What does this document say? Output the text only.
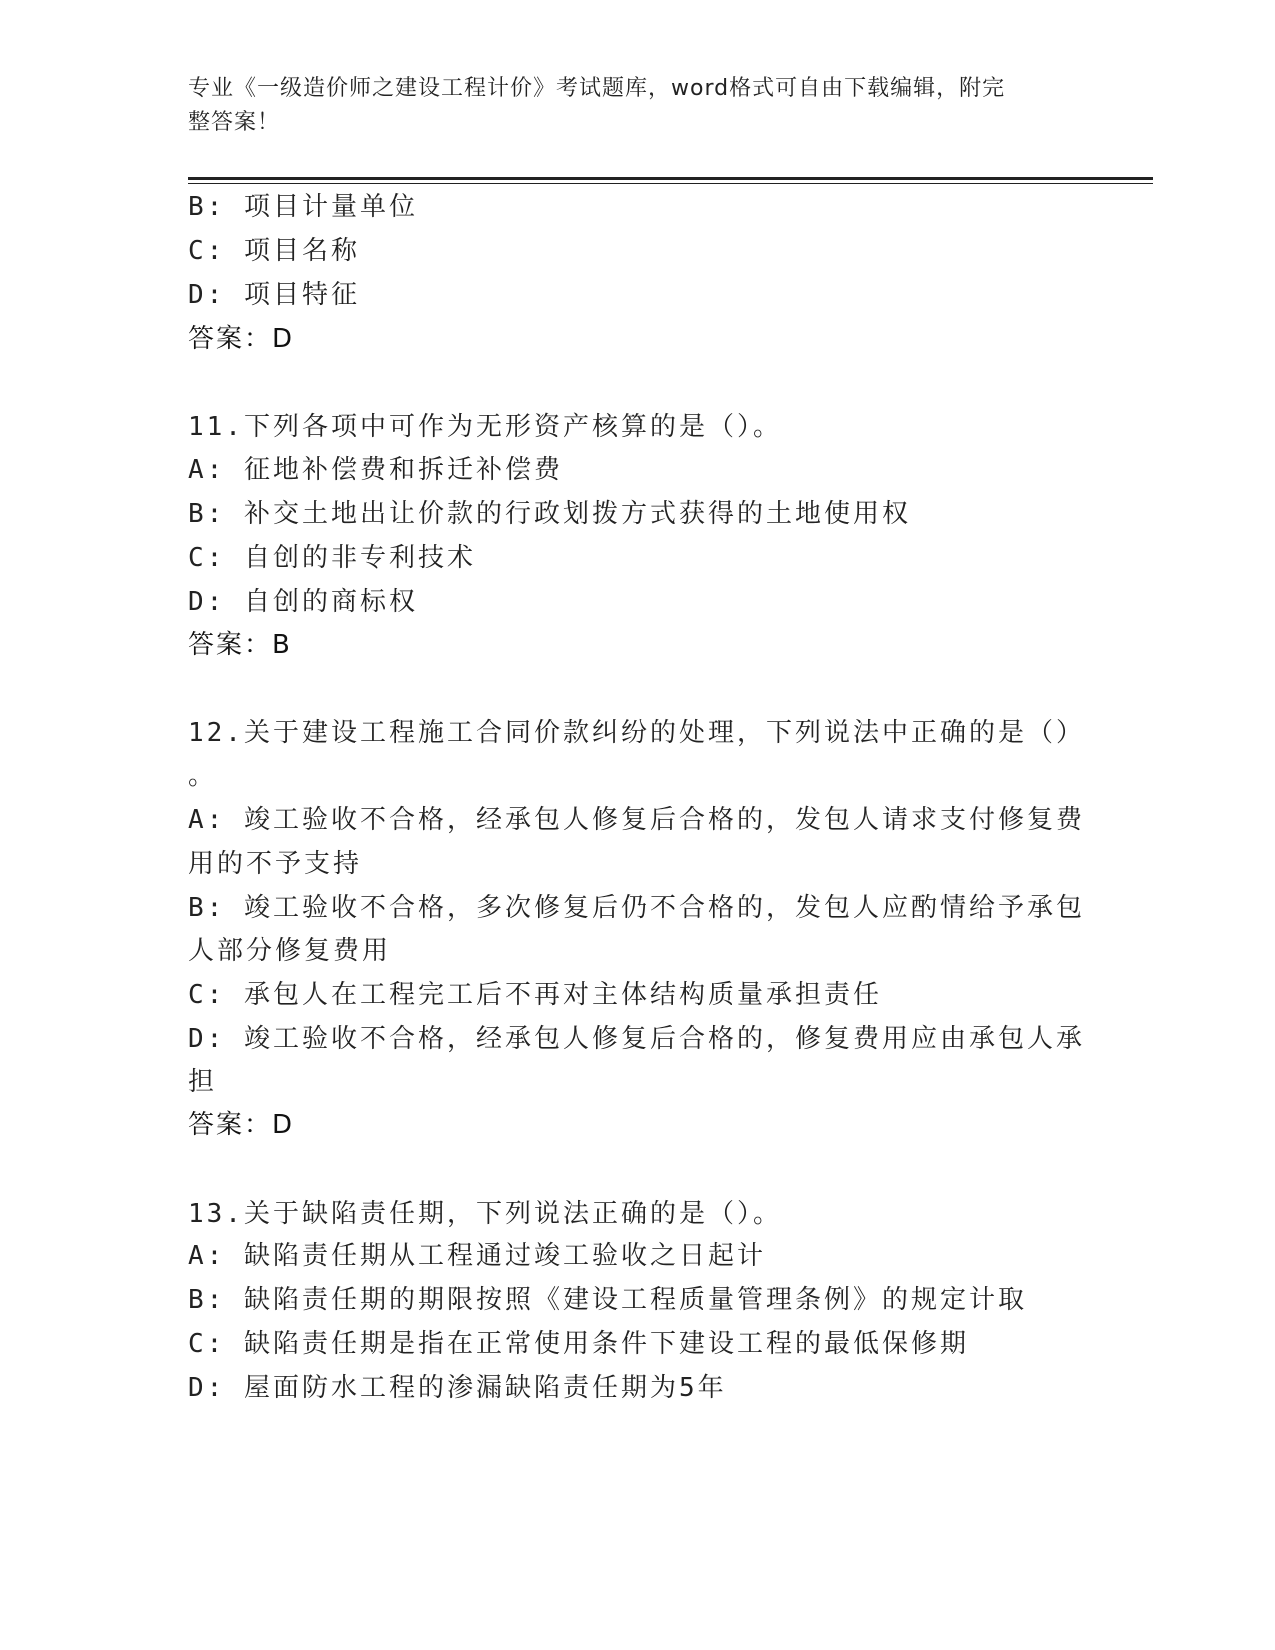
专业《一级造价师之建设工程计价》考试题库，word格式可自由下载编辑，附完
整答案！
B: 项目计量单位
C: 项目名称
D: 项目特征
答案：D
11.下列各项中可作为无形资产核算的是（）。
A: 征地补偿费和拆迁补偿费
B: 补交土地出让价款的行政划拨方式获得的土地使用权
C: 自创的非专利技术
D: 自创的商标权
答案：B
12.关于建设工程施工合同价款纠纷的处理，下列说法中正确的是（）
。
A: 竣工验收不合格，经承包人修复后合格的，发包人请求支付修复费
用的不予支持
B: 竣工验收不合格，多次修复后仍不合格的，发包人应酌情给予承包
人部分修复费用
C: 承包人在工程完工后不再对主体结构质量承担责任
D: 竣工验收不合格，经承包人修复后合格的，修复费用应由承包人承
担
答案：D
13.关于缺陷责任期，下列说法正确的是（）。
A: 缺陷责任期从工程通过竣工验收之日起计
B: 缺陷责任期的期限按照《建设工程质量管理条例》的规定计取
C: 缺陷责任期是指在正常使用条件下建设工程的最低保修期
D: 屋面防水工程的渗漏缺陷责任期为5年
